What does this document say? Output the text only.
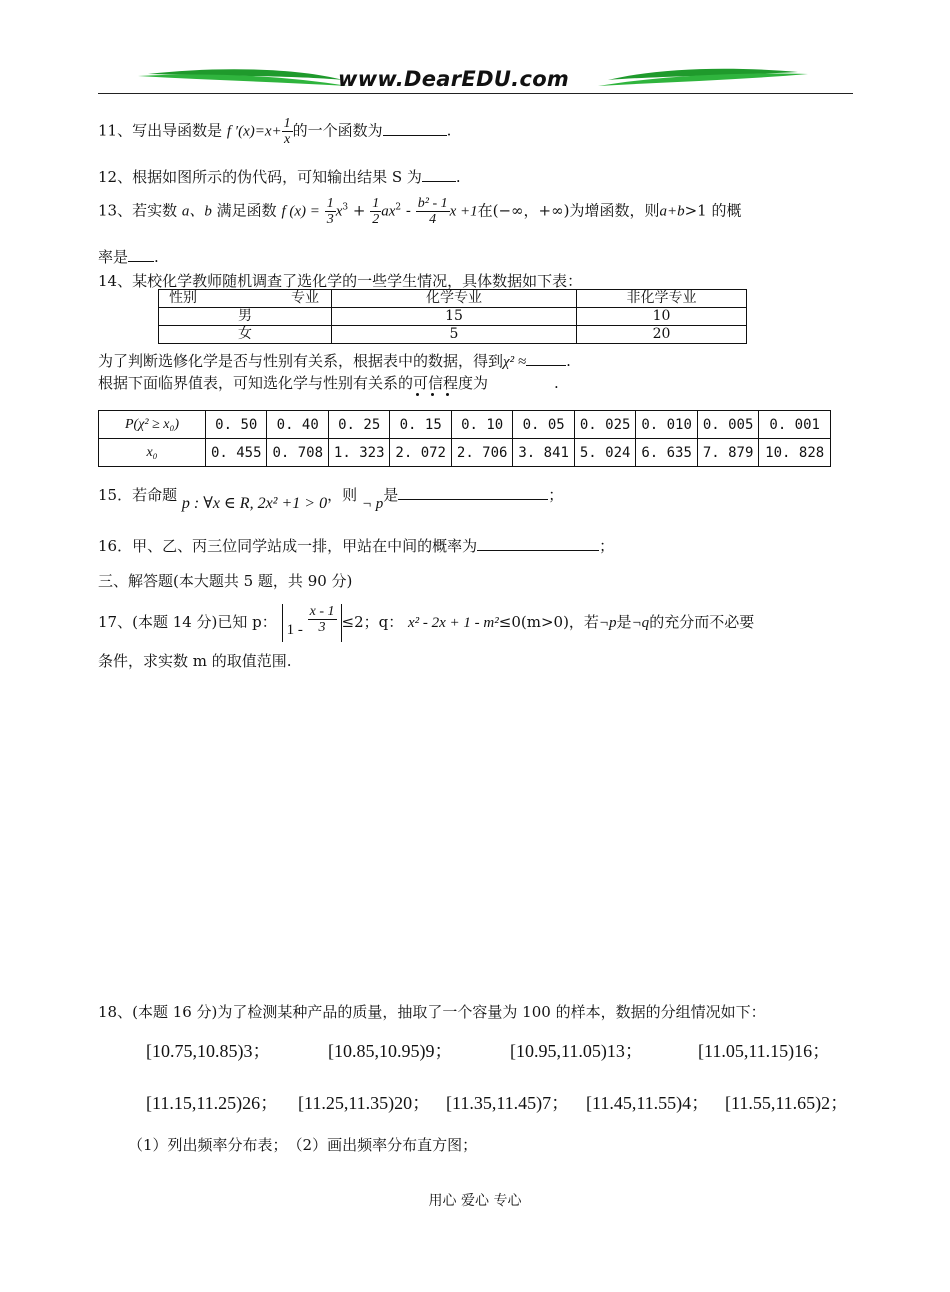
www.DearEDU.com
11、写出导函数是 f $'(x)=x+ \frac{1}{x}$ 的一个函数为	.
12、根据如图所示的伪代码，可知输出结果 S 为 .
13、若实数 a、b 满足函数 f $(x) = \frac{1}{3} x^3 + \frac{1}{2} ax^2 - \frac{\text{b² - 1}}{4}$ x +1在(−∞，+∞)为增函数，则a+b>1 的概
率是 .
14、某校化学教师随机调查了选化学的一些学生情况，具体数据如下表：
性别 专业	化学专业	非化学专业
男	15	10
女	5	20
为了判断选修化学是否与性别有关系，根据表中的数据，得到χ² ≈	.
根据下面临界值表，可知选化学与性别有关系的可信程度为	.
P(χ² ≥ x₀)	0. 50	0. 40	0. 25	0. 15	0. 10	0. 05	0. 025	0. 010	0. 005	0. 001
x₀	0. 455	0. 708	1. 323	2. 072	2. 706	3. 841	5. 024	6. 635	7. 879	10. 828
15．若命题 p : ∀x ∈ R, 2x² +1 > 0，则 ¬ p是	；
16．甲、乙、丙三位同学站成一排，甲站在中间的概率为	；
三、解答题(本大题共 5 题，共 90 分)
17、(本题 14 分)已知 p： $1 - \frac{x - 1}{3} \le 2$；q： x² - 2x + 1 - m²≤0(m>0)，若¬p是¬q的充分而不必要
条件，求实数 m 的取值范围.
18、(本题 16 分)为了检测某种产品的质量，抽取了一个容量为 100 的样本，数据的分组情况如下：
[10.75,10.85)3；	[10.85,10.95)9；	[10.95,11.05)13；	[11.05,11.15)16；
[11.15,11.25)26； [11.25,11.35)20； [11.35,11.45)7； [11.45,11.55)4； [11.55,11.65)2；
（1）列出频率分布表；　（2）画出频率分布直方图；
用心 爱心 专心
